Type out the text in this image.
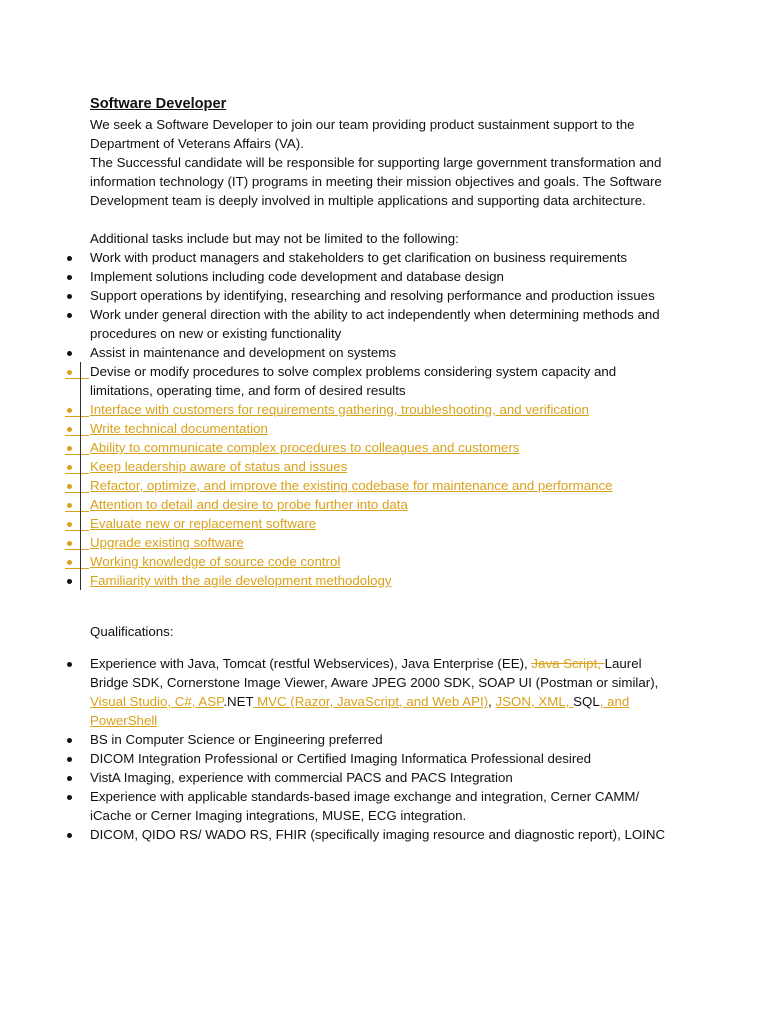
Software Developer
We seek a Software Developer to join our team providing product sustainment support to the Department of Veterans Affairs (VA).
The Successful candidate will be responsible for supporting large government transformation and information technology (IT) programs in meeting their mission objectives and goals. The Software Development team is deeply involved in multiple applications and supporting data architecture.
Additional tasks include but may not be limited to the following:
Work with product managers and stakeholders to get clarification on business requirements
Implement solutions including code development and database design
Support operations by identifying, researching and resolving performance and production issues
Work under general direction with the ability to act independently when determining methods and procedures on new or existing functionality
Assist in maintenance and development on systems
Devise or modify procedures to solve complex problems considering system capacity and limitations, operating time, and form of desired results
Interface with customers for requirements gathering, troubleshooting, and verification
Write technical documentation
Ability to communicate complex procedures to colleagues and customers
Keep leadership aware of status and issues
Refactor, optimize, and improve the existing codebase for maintenance and performance
Attention to detail and desire to probe further into data
Evaluate new or replacement software
Upgrade existing software
Working knowledge of source code control
Familiarity with the agile development methodology
Qualifications:
Experience with Java, Tomcat (restful Webservices), Java Enterprise (EE), Java Script, Laurel Bridge SDK, Cornerstone Image Viewer, Aware JPEG 2000 SDK, SOAP UI (Postman or similar), Visual Studio, C#, ASP.NET MVC (Razor, JavaScript, and Web API), JSON, XML, SQL, and PowerShell
BS in Computer Science or Engineering preferred
DICOM Integration Professional or Certified Imaging Informatica Professional desired
VistA Imaging, experience with commercial PACS and PACS Integration
Experience with applicable standards-based image exchange and integration, Cerner CAMM/ iCache or Cerner Imaging integrations, MUSE, ECG integration.
DICOM, QIDO RS/ WADO RS, FHIR (specifically imaging resource and diagnostic report), LOINC
